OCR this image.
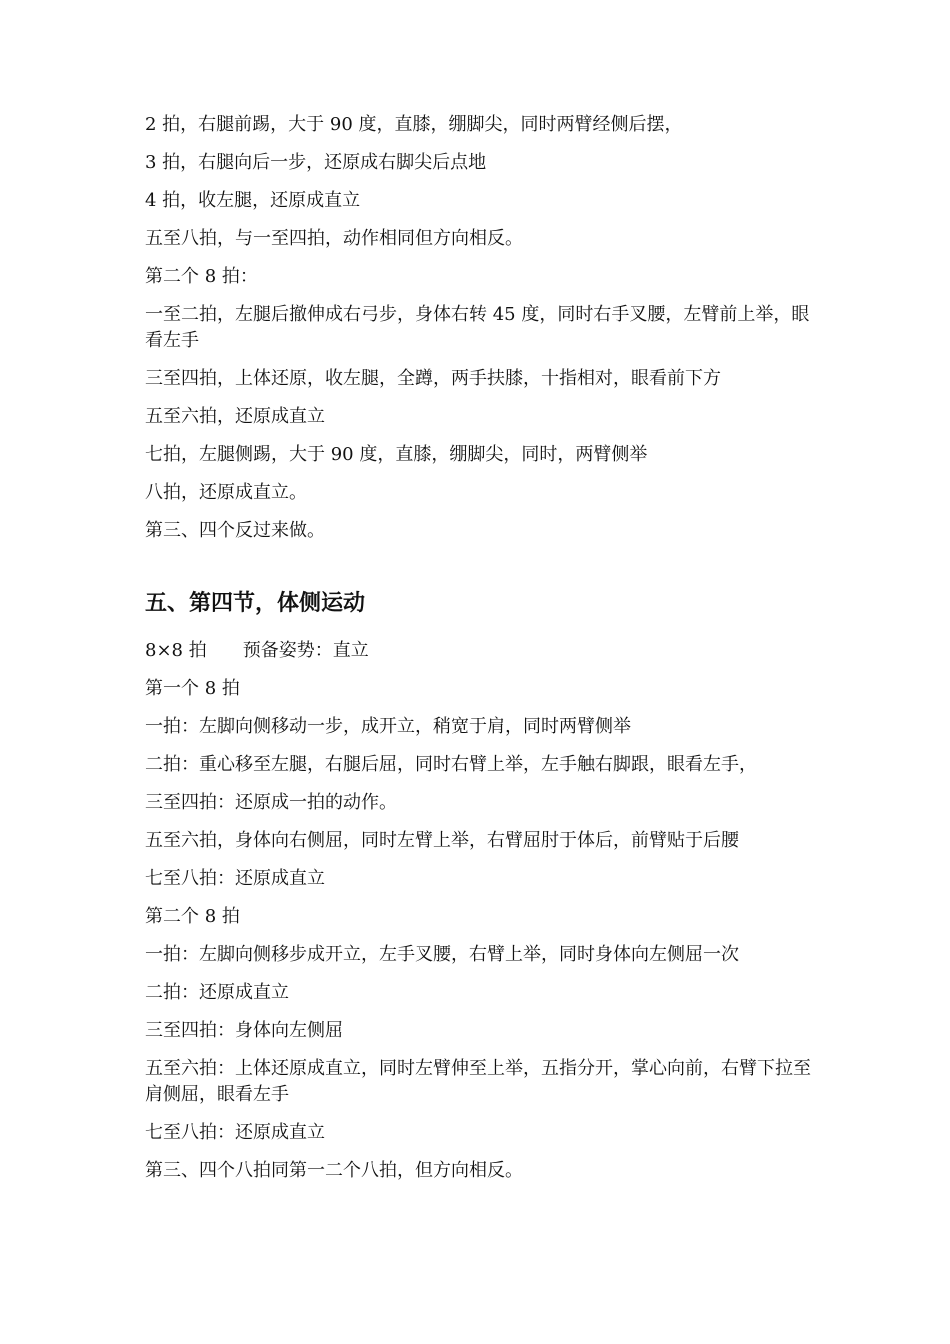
2 拍，右腿前踢，大于 90 度，直膝，绷脚尖，同时两臂经侧后摆，

3 拍，右腿向后一步，还原成右脚尖后点地

4 拍，收左腿，还原成直立

五至八拍，与一至四拍，动作相同但方向相反。

第二个 8 拍：

一至二拍，左腿后撤伸成右弓步，身体右转 45 度，同时右手叉腰，左臂前上举，眼看左手

三至四拍，上体还原，收左腿，全蹲，两手扶膝，十指相对，眼看前下方

五至六拍，还原成直立

七拍，左腿侧踢，大于 90 度，直膝，绷脚尖，同时，两臂侧举

八拍，还原成直立。

第三、四个反过来做。

五、第四节，体侧运动

8×8 拍　　预备姿势：直立

第一个 8 拍

一拍：左脚向侧移动一步，成开立，稍宽于肩，同时两臂侧举

二拍：重心移至左腿，右腿后屈，同时右臂上举，左手触右脚跟，眼看左手，

三至四拍：还原成一拍的动作。

五至六拍，身体向右侧屈，同时左臂上举，右臂屈肘于体后，前臂贴于后腰

七至八拍：还原成直立

第二个 8 拍

一拍：左脚向侧移步成开立，左手叉腰，右臂上举，同时身体向左侧屈一次

二拍：还原成直立

三至四拍：身体向左侧屈

五至六拍：上体还原成直立，同时左臂伸至上举，五指分开，掌心向前，右臂下拉至肩侧屈，眼看左手

七至八拍：还原成直立

第三、四个八拍同第一二个八拍，但方向相反。
